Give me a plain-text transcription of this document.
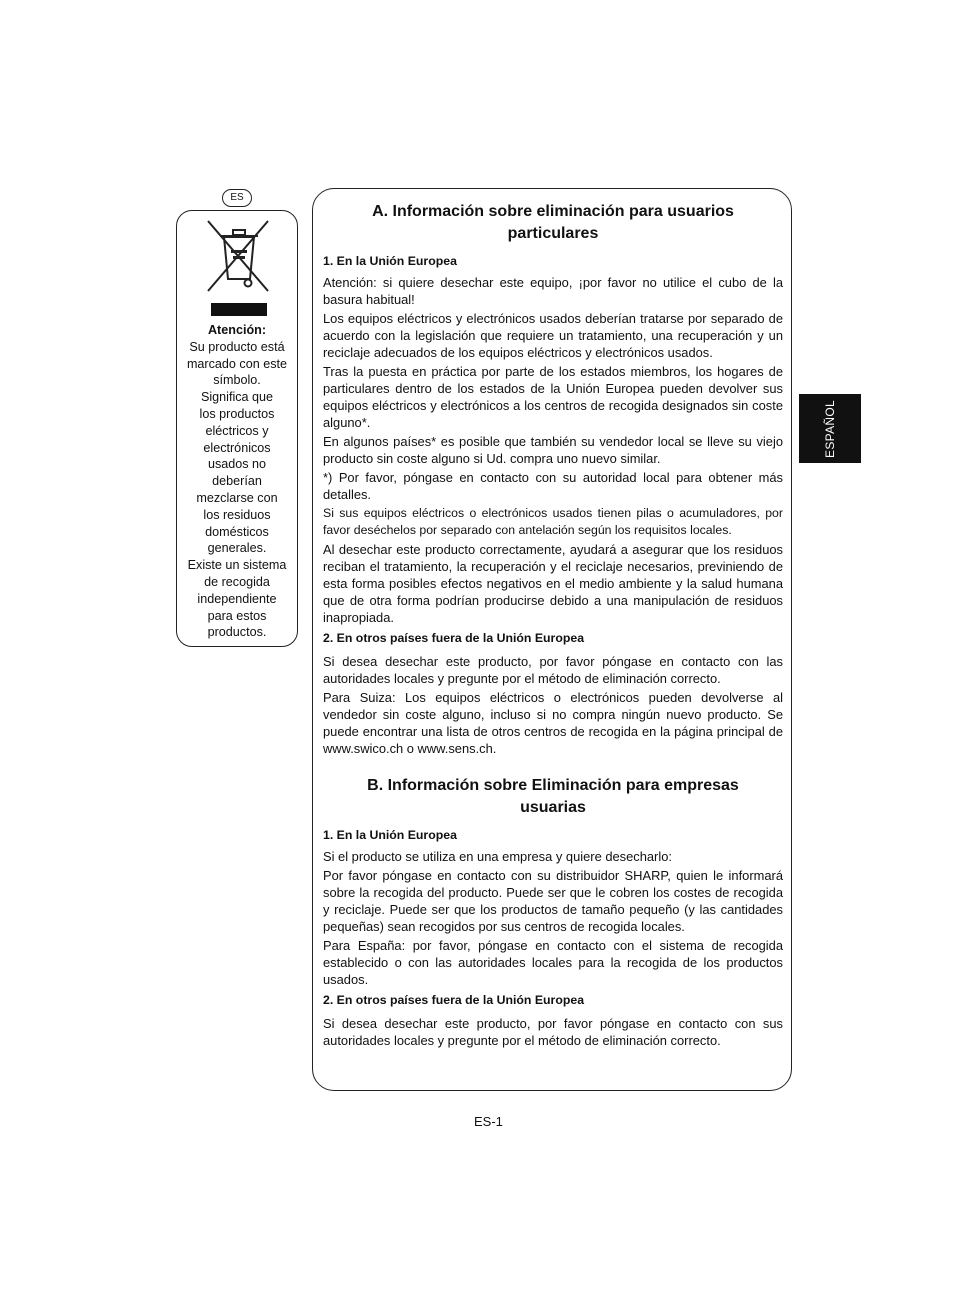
ES
Atención:
Su producto está
marcado con este
símbolo.
Significa que
los productos
eléctricos y
electrónicos
usados no
deberían
mezclarse con
los residuos
domésticos
generales.
Existe un sistema
de recogida
independiente
para estos
productos.
A. Información sobre eliminación para usuarios particulares
1. En la Unión Europea

Atención: si quiere desechar este equipo, ¡por favor no utilice el cubo de la basura habitual!

Los equipos eléctricos y electrónicos usados deberían tratarse por separado de acuerdo con la legislación que requiere un tratamiento, una recuperación y un reciclaje adecuados de los equipos eléctricos y electrónicos usados.

Tras la puesta en práctica por parte de los estados miembros, los hogares de particulares dentro de los estados de la Unión Europea pueden devolver sus equipos eléctricos y electrónicos a los centros de recogida designados sin coste alguno*.

En algunos países* es posible que también su vendedor local se lleve su viejo producto sin coste alguno si Ud. compra uno nuevo similar.

*) Por favor, póngase en contacto con su autoridad local para obtener más detalles.

Si sus equipos eléctricos o electrónicos usados tienen pilas o acumuladores, por favor deséchelos por separado con antelación según los requisitos locales.

Al desechar este producto correctamente, ayudará a asegurar que los residuos reciban el tratamiento, la recuperación y el reciclaje necesarios, previniendo de esta forma posibles efectos negativos en el medio ambiente y la salud humana que de otra forma podrían producirse debido a una manipulación de residuos inapropiada.

2. En otros países fuera de la Unión Europea

Si desea desechar este producto, por favor póngase en contacto con las autoridades locales y pregunte por el método de eliminación correcto.

Para Suiza: Los equipos eléctricos o electrónicos pueden devolverse al vendedor sin coste alguno, incluso si no compra ningún nuevo producto. Se puede encontrar una lista de otros centros de recogida en la página principal de www.swico.ch o www.sens.ch.

B. Información sobre Eliminación para empresas usuarias
1. En la Unión Europea

Si el producto se utiliza en una empresa y quiere desecharlo:

Por favor póngase en contacto con su distribuidor SHARP, quien le informará sobre la recogida del producto. Puede ser que le cobren los costes de recogida y reciclaje. Puede ser que los productos de tamaño pequeño (y las cantidades pequeñas) sean recogidos por sus centros de recogida locales.

Para España: por favor, póngase en contacto con el sistema de recogida establecido o con las autoridades locales para la recogida de los productos usados.

2. En otros países fuera de la Unión Europea

Si desea desechar este producto, por favor póngase en contacto con sus autoridades locales y pregunte por el método de eliminación correcto.

ESPAÑOL
ES-1
